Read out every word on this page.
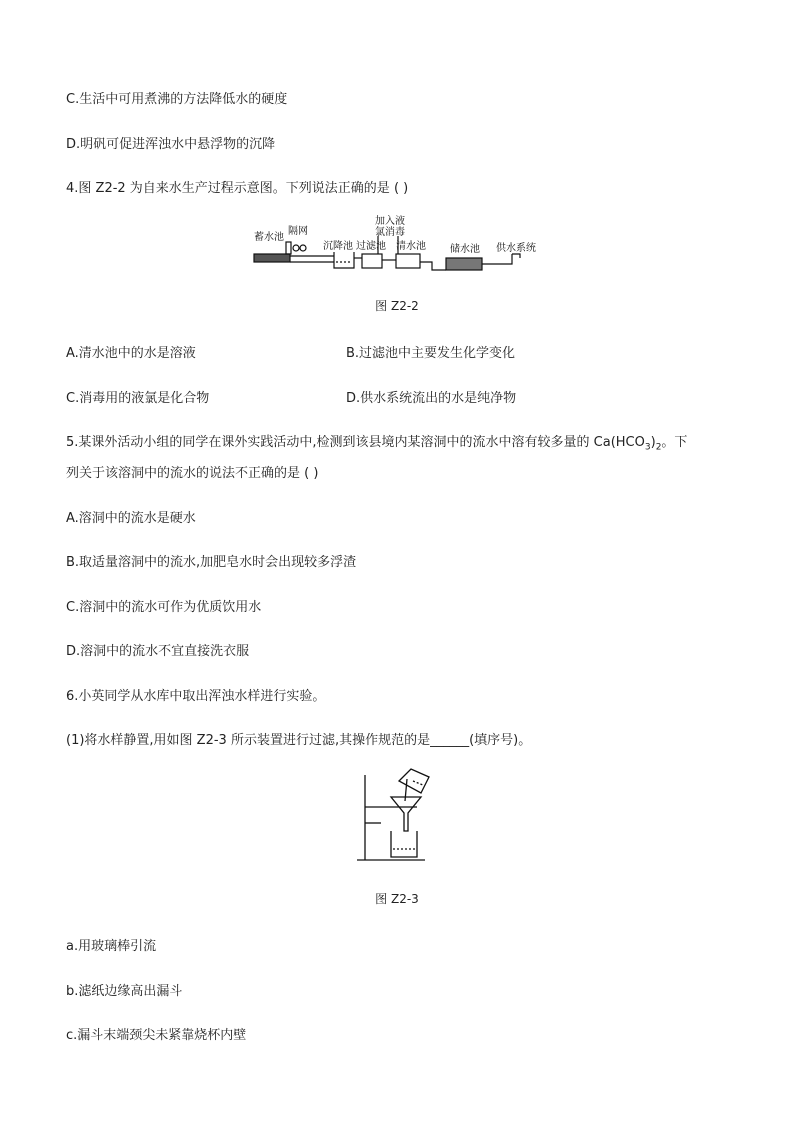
C.生活中可用煮沸的方法降低水的硬度
D.明矾可促进浑浊水中悬浮物的沉降
4.图 Z2-2 为自来水生产过程示意图。下列说法正确的是 ( )
蓄水池
隔网
沉降池 过滤池
加入液
氯消毒
清水池 储水池 供水系统
图 Z2-2
A.清水池中的水是溶液	B.过滤池中主要发生化学变化
C.消毒用的液氯是化合物	D.供水系统流出的水是纯净物
5.某课外活动小组的同学在课外实践活动中,检测到该县境内某溶洞中的流水中溶有较多量的 $Ca(HCO_3)_2$。下
列关于该溶洞中的流水的说法不正确的是 ( )
A.溶洞中的流水是硬水
B.取适量溶洞中的流水,加肥皂水时会出现较多浮渣
C.溶洞中的流水可作为优质饮用水
D.溶洞中的流水不宜直接洗衣服
6.小英同学从水库中取出浑浊水样进行实验。
(1)将水样静置,用如图 Z2-3 所示装置进行过滤,其操作规范的是______(填序号)。
图 Z2-3
a.用玻璃棒引流
b.滤纸边缘高出漏斗
c.漏斗末端颈尖未紧靠烧杯内壁
